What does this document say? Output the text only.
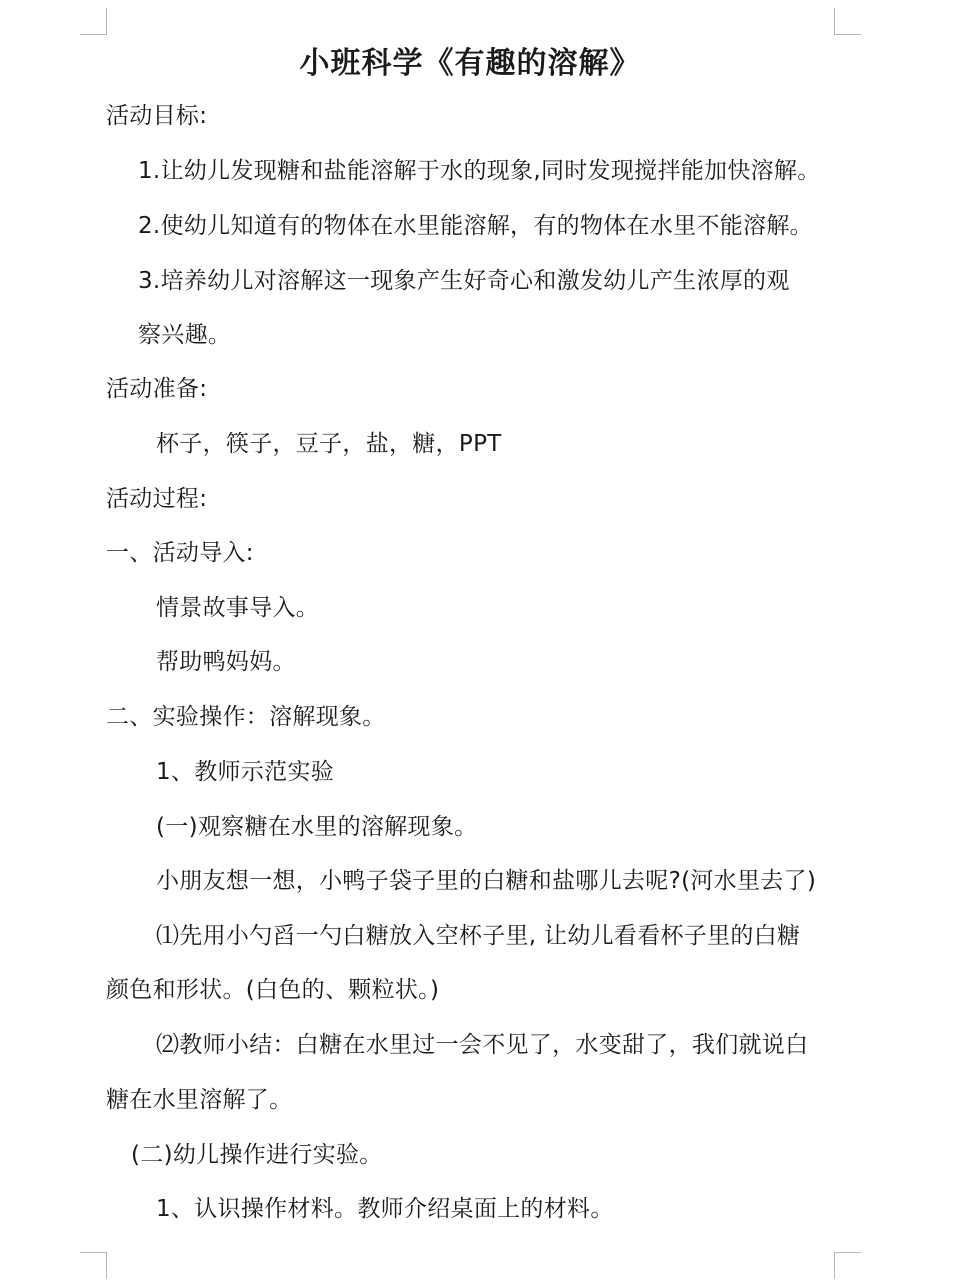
小班科学《有趣的溶解》
活动目标:
1.让幼儿发现糖和盐能溶解于水的现象,同时发现搅拌能加快溶解。
2.使幼儿知道有的物体在水里能溶解，有的物体在水里不能溶解。
3.培养幼儿对溶解这一现象产生好奇心和激发幼儿产生浓厚的观
察兴趣。
活动准备:
杯子，筷子，豆子，盐，糖，PPT
活动过程:
一、活动导入:
情景故事导入。
帮助鸭妈妈。
二、实验操作：溶解现象。
1、教师示范实验
(一)观察糖在水里的溶解现象。
小朋友想一想，小鸭子袋子里的白糖和盐哪儿去呢?(河水里去了)
⑴先用小勺舀一勺白糖放入空杯子里, 让幼儿看看杯子里的白糖
颜色和形状。(白色的、颗粒状。)
⑵教师小结：白糖在水里过一会不见了，水变甜了，我们就说白
糖在水里溶解了。
(二)幼儿操作进行实验。
1、认识操作材料。教师介绍桌面上的材料。
